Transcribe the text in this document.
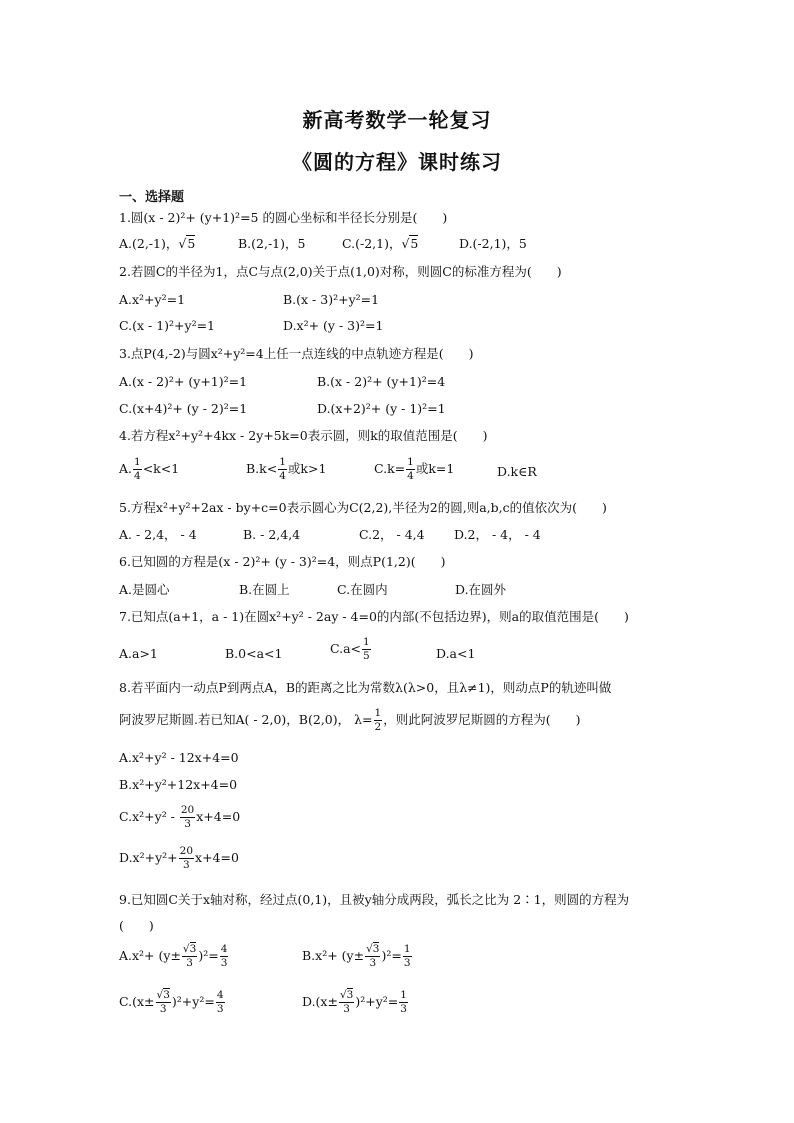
新高考数学一轮复习
《圆的方程》课时练习
一、选择题
1.圆(x - 2)²+ (y+1)²=5 的圆心坐标和半径长分别是(　　)
A.(2,-1)，√5	B.(2,-1)，5	C.(-2,1)，√5	D.(-2,1)，5
2.若圆C的半径为1，点C与点(2,0)关于点(1,0)对称，则圆C的标准方程为(　　)
A.x²+y²=1	B.(x - 3)²+y²=1
C.(x - 1)²+y²=1	D.x²+ (y - 3)²=1
3.点P(4,-2)与圆x²+y²=4上任一点连线的中点轨迹方程是(　　)
A.(x - 2)²+ (y+1)²=1	B.(x - 2)²+ (y+1)²=4
C.(x+4)²+ (y - 2)²=1	D.(x+2)²+ (y - 1)²=1
4.若方程x²+y²+4kx - 2y+5k=0表示圆，则k的取值范围是(　　)
A. $\frac{1}{4} <k<1$	$B.k< \frac{1}{4}$ 或k>1	$C.k= \frac{1}{4}$ 或k=1	D.k∈R
5.方程x²+y²+2ax - by+c=0表示圆心为C(2,2),半径为2的圆,则a,b,c的值依次为(　　)
A. - 2,4， - 4	B. - 2,4,4	C.2， - 4,4 D.2， - 4， - 4
6.已知圆的方程是(x - 2)²+ (y - 3)²=4，则点P(1,2)(　　)
A.是圆心	B.在圆上	C.在圆内	D.在圆外
7.已知点(a+1，a - 1)在圆x²+y² - 2ay - 4=0的内部(不包括边界)，则a的取值范围是(　　)
A.a>1	B.0<a<1	$C.a< \frac{1}{5}$	D.a<1
8.若平面内一动点P到两点A，B的距离之比为常数λ(λ>0，且λ≠1)，则动点P的轨迹叫做
阿波罗尼斯圆.若已知A( - 2,0)，B(2,0)， $\lambda= \frac{1}{2}$ ，则此阿波罗尼斯圆的方程为(　　)
A.x²+y² - 12x+4=0
B.x²+y²+12x+4=0
$C.x^2+y^2 - \frac{20}{3} x+4=0$
$D.x^2+y^2+ \frac{20}{3} x+4=0$
9.已知圆C关于x轴对称，经过点(0,1)，且被y轴分成两段，弧长之比为 2∶1，则圆的方程为
(　　)
$A.x^2+ (y\pm \frac{√3}{3} )^2= \frac{4}{3}$	$B.x^2+ (y\pm \frac{√3}{3} )^2= \frac{1}{3}$
$C.(x\pm \frac{√3}{3} )^2+y^2= \frac{4}{3}$	$D.(x\pm \frac{√3}{3} )^2+y^2= \frac{1}{3}$
